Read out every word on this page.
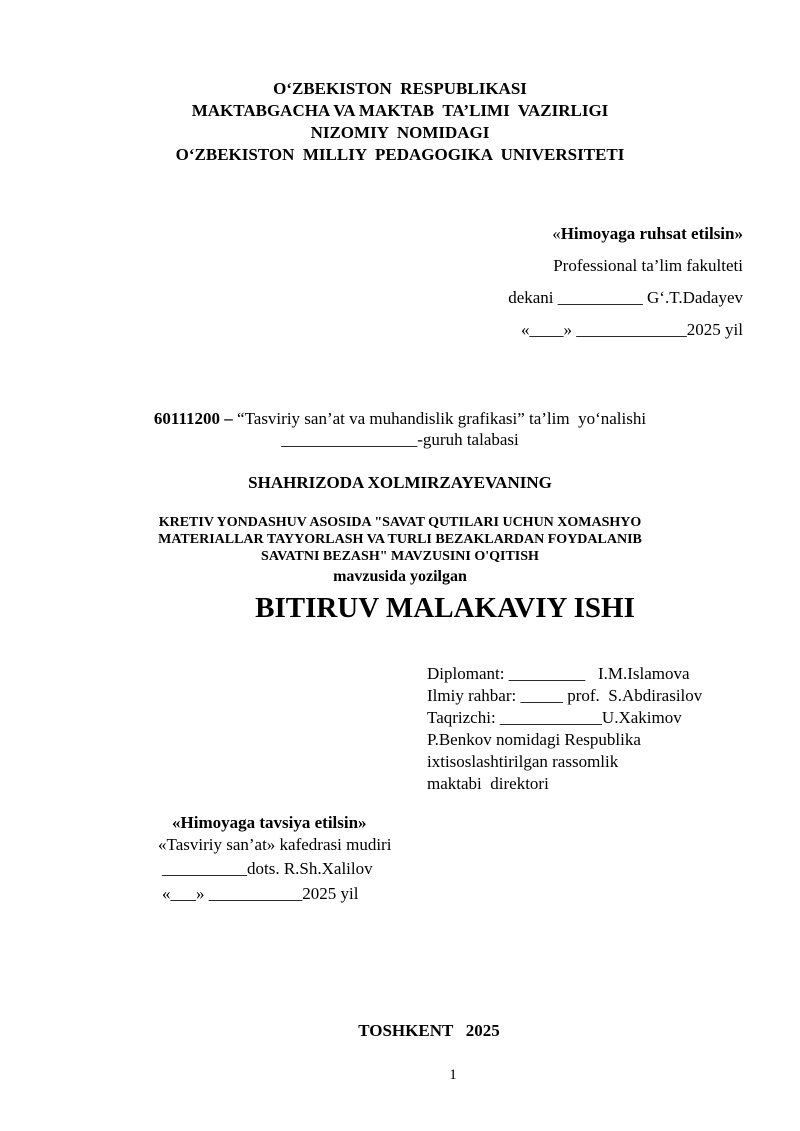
O‘ZBEKISTON  RESPUBLIKASI
MAKTABGACHA VA MAKTAB  TA’LIMI  VAZIRLIGI
NIZOMIY  NOMIDAGI
O‘ZBEKISTON  MILLIY  PEDAGOGIKA  UNIVERSITETI
«Himoyaga ruhsat etilsin»
Professional ta’lim fakulteti
dekani __________ G‘.T.Dadayev
«____» _____________2025 yil
60111200 – “Tasviriy san’at va muhandislik grafikasi” ta’lim  yo‘nalishi
________________-guruh talabasi
SHAHRIZODA XOLMIRZAYEVANING
KRETIV YONDASHUV ASOSIDA "SAVAT QUTILARI UCHUN XOMASHYO
MATERIALLAR TAYYORLASH VA TURLI BEZAKLARDAN FOYDALANIB
SAVATNI BEZASH" MAVZUSINI O'QITISH
mavzusida yozilgan
BITIRUV MALAKAVIY ISHI
Diplomant: _________   I.M.Islamova
Ilmiy rahbar: _____ prof.  S.Abdirasilov
Taqrizchi: ____________U.Xakimov
P.Benkov nomidagi Respublika
ixtisoslashtirilgan rassomlik
maktabi  direktori
«Himoyaga tavsiya etilsin»
«Tasviriy san’at» kafedrasi mudiri
__________dots. R.Sh.Xalilov
«___» ___________2025 yil
TOSHKENT   2025
1
